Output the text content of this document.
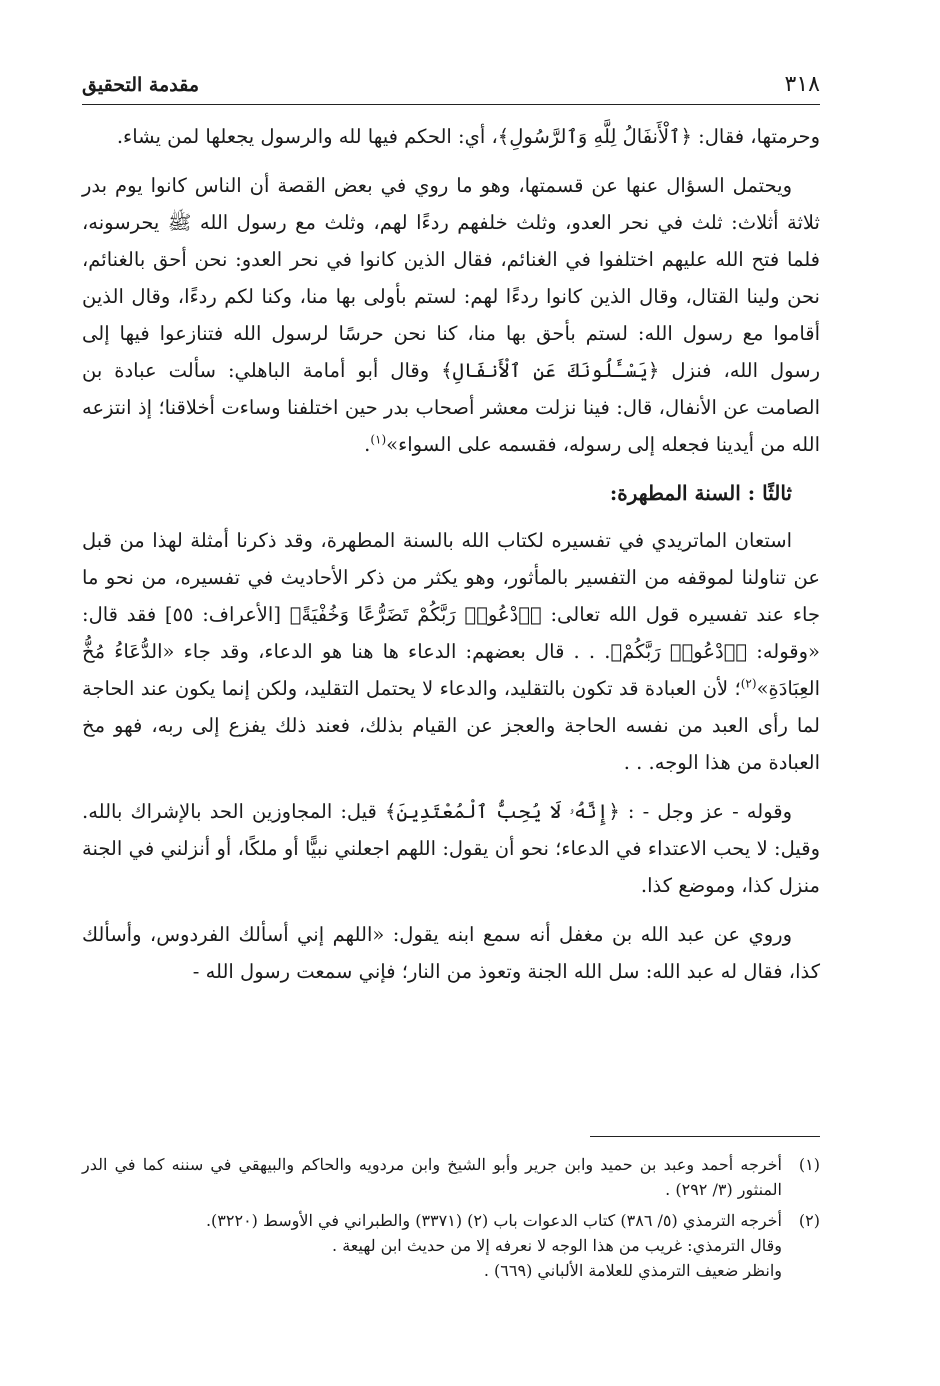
٣١٨
مقدمة التحقيق

وحرمتها، فقال: ﴿ٱلْأَنفَالُ لِلَّهِ وَٱلرَّسُولِ﴾، أي: الحكم فيها لله والرسول يجعلها لمن يشاء.

ويحتمل السؤال عنها عن قسمتها، وهو ما روي في بعض القصة أن الناس كانوا يوم بدر ثلاثة أثلاث: ثلث في نحر العدو، وثلث خلفهم ردءًا لهم، وثلث مع رسول الله ﷺ يحرسونه، فلما فتح الله عليهم اختلفوا في الغنائم، فقال الذين كانوا في نحر العدو: نحن أحق بالغنائم، نحن ولينا القتال، وقال الذين كانوا ردءًا لهم: لستم بأولى بها منا، وكنا لكم ردءًا، وقال الذين أقاموا مع رسول الله: لستم بأحق بها منا، كنا نحن حرسًا لرسول الله فتنازعوا فيها إلى رسول الله، فنزل ﴿يَسْـَٔلُونَكَ عَنِ ٱلْأَنفَالِ﴾ وقال أبو أمامة الباهلي: سألت عبادة بن الصامت عن الأنفال، قال: فينا نزلت معشر أصحاب بدر حين اختلفنا وساءت أخلاقنا؛ إذ انتزعه الله من أيدينا فجعله إلى رسوله، فقسمه على السواء»$^{(١)}$.

ثالثًا : السنة المطهرة:

استعان الماتريدي في تفسيره لكتاب الله بالسنة المطهرة، وقد ذكرنا أمثلة لهذا من قبل عن تناولنا لموقفه من التفسير بالمأثور، وهو يكثر من ذكر الأحاديث في تفسيره، من نحو ما جاء عند تفسيره قول الله تعالى: ﴿ٱدْعُوا۟ رَبَّكُمْ تَضَرُّعًا وَخُفْيَةً﴾ [الأعراف: ٥٥] فقد قال: «وقوله: ﴿ٱدْعُوا۟ رَبَّكُمْ﴾. . . قال بعضهم: الدعاء ها هنا هو الدعاء، وقد جاء «الدُّعَاءُ مُخُّ العِبَادَةِ»$^{(٢)}$؛ لأن العبادة قد تكون بالتقليد، والدعاء لا يحتمل التقليد، ولكن إنما يكون عند الحاجة لما رأى العبد من نفسه الحاجة والعجز عن القيام بذلك، فعند ذلك يفزع إلى ربه، فهو مخ العبادة من هذا الوجه. . .

وقوله - عز وجل - : ﴿إِنَّهُۥ لَا يُحِبُّ ٱلْمُعْتَدِينَ﴾ قيل: المجاوزين الحد بالإشراك بالله. وقيل: لا يحب الاعتداء في الدعاء؛ نحو أن يقول: اللهم اجعلني نبيًّا أو ملكًا، أو أنزلني في الجنة منزل كذا، وموضع كذا.

وروي عن عبد الله بن مغفل أنه سمع ابنه يقول: «اللهم إني أسألك الفردوس، وأسألك كذا، فقال له عبد الله: سل الله الجنة وتعوذ من النار؛ فإني سمعت رسول الله -

(١)
أخرجه أحمد وعبد بن حميد وابن جرير وأبو الشيخ وابن مردويه والحاكم والبيهقي في سننه كما في الدر المنثور (٣/ ٢٩٢) .
(٢)
أخرجه الترمذي (٥/ ٣٨٦) كتاب الدعوات باب (٢) (٣٣٧١) والطبراني في الأوسط (٣٢٢٠).
وقال الترمذي: غريب من هذا الوجه لا نعرفه إلا من حديث ابن لهيعة .
وانظر ضعيف الترمذي للعلامة الألباني (٦٦٩) .
